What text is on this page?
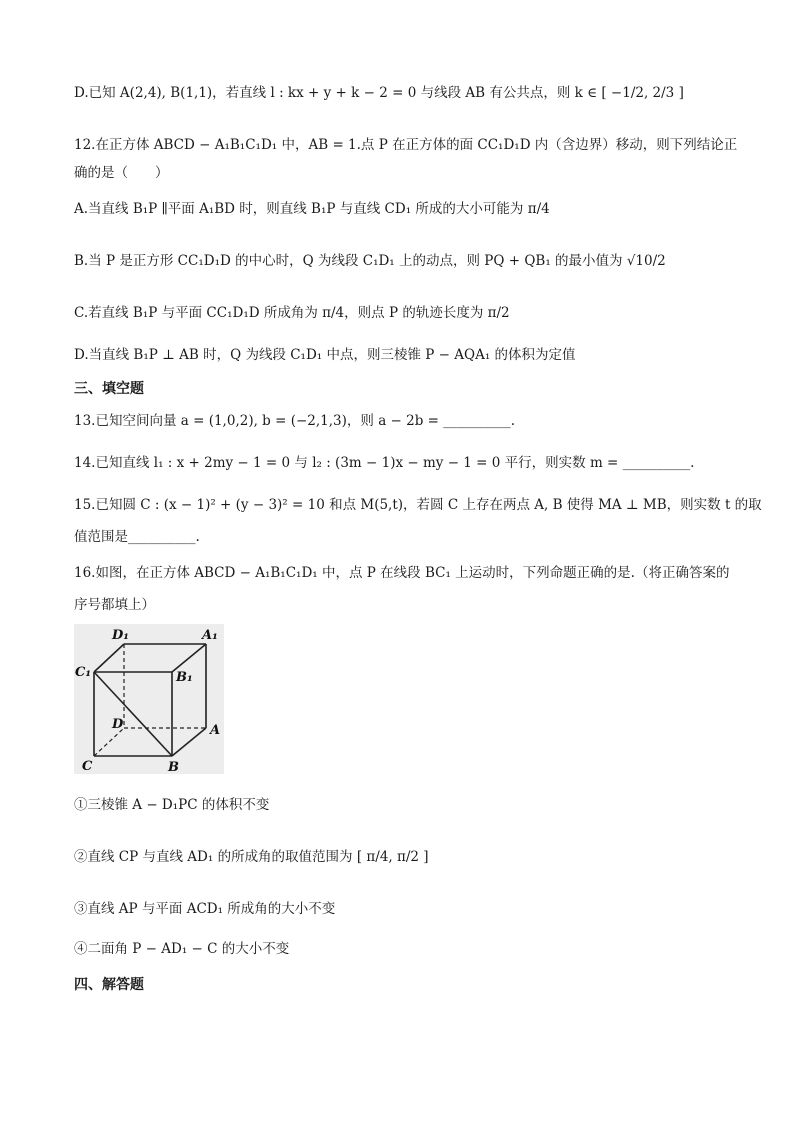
D.已知 A(2,4), B(1,1)，若直线 l : kx + y + k − 2 = 0 与线段 AB 有公共点，则 k ∈ [ −1/2, 2/3 ]
12.在正方体 ABCD − A₁B₁C₁D₁ 中，AB = 1.点 P 在正方体的面 CC₁D₁D 内（含边界）移动，则下列结论正
确的是（　　）
A.当直线 B₁P ∥平面 A₁BD 时，则直线 B₁P 与直线 CD₁ 所成的大小可能为 π/4
B.当 P 是正方形 CC₁D₁D 的中心时，Q 为线段 C₁D₁ 上的动点，则 PQ + QB₁ 的最小值为 √10/2
C.若直线 B₁P 与平面 CC₁D₁D 所成角为 π/4，则点 P 的轨迹长度为 π/2
D.当直线 B₁P ⊥ AB 时，Q 为线段 C₁D₁ 中点，则三棱锥 P − AQA₁ 的体积为定值
三、填空题
13.已知空间向量 a = (1,0,2), b = (−2,1,3)，则 a − 2b = __________.
14.已知直线 l₁ : x + 2my − 1 = 0 与 l₂ : (3m − 1)x − my − 1 = 0 平行，则实数 m = __________.
15.已知圆 C : (x − 1)² + (y − 3)² = 10 和点 M(5,t)，若圆 C 上存在两点 A, B 使得 MA ⊥ MB，则实数 t 的取
值范围是__________.
16.如图，在正方体 ABCD − A₁B₁C₁D₁ 中，点 P 在线段 BC₁ 上运动时，下列命题正确的是.（将正确答案的
序号都填上）
D₁	A₁
C₁	B₁
D	A
C	B
①三棱锥 A − D₁PC 的体积不变
②直线 CP 与直线 AD₁ 的所成角的取值范围为 [ π/4, π/2 ]
③直线 AP 与平面 ACD₁ 所成角的大小不变
④二面角 P − AD₁ − C 的大小不变
四、解答题
